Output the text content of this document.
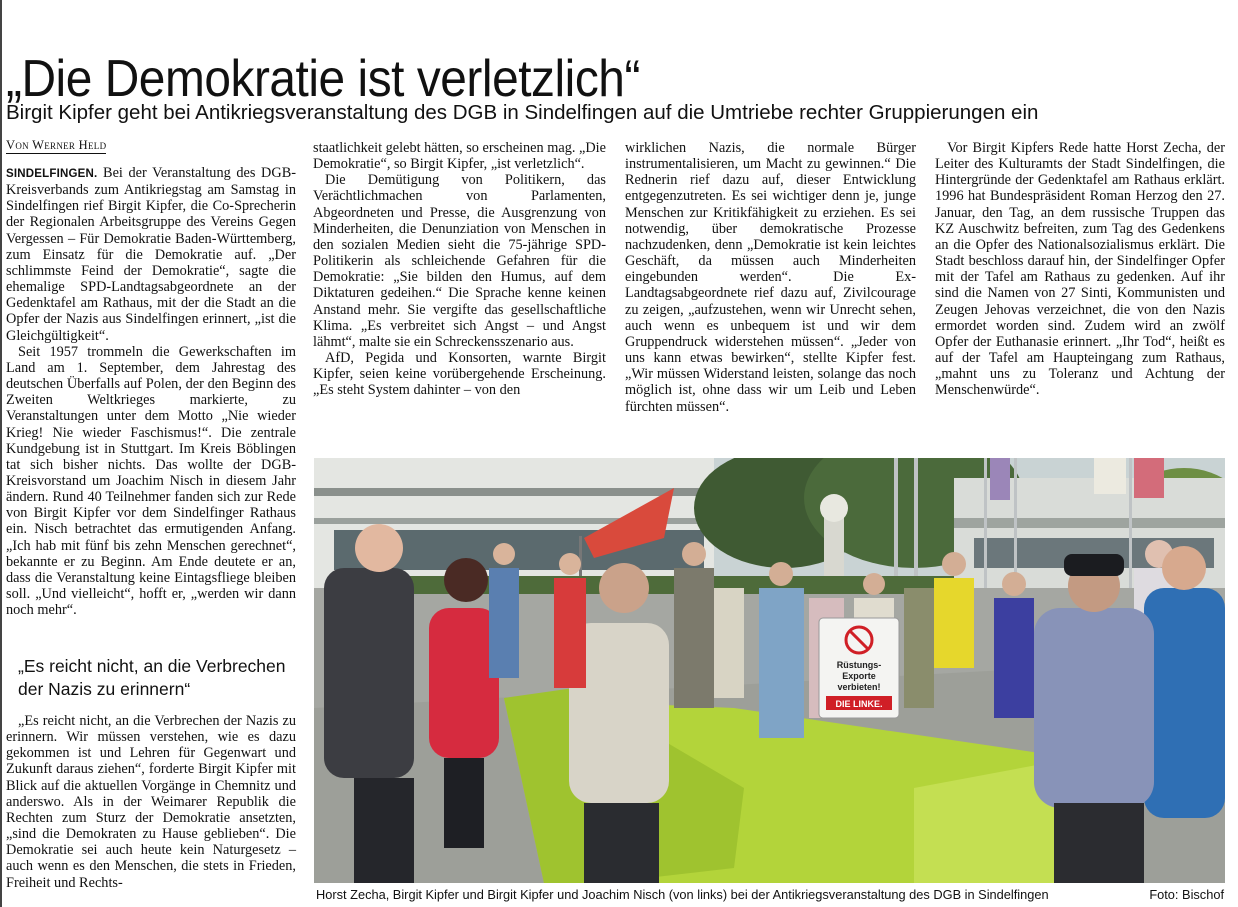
„Die Demokratie ist verletzlich“
Birgit Kipfer geht bei Antikriegsveranstaltung des DGB in Sindelfingen auf die Umtriebe rechter Gruppierungen ein
Von Werner Held

SINDELFINGEN. Bei der Veranstaltung des DGB-Kreisverbands zum Antikriegstag am Samstag in Sindelfingen rief Birgit Kipfer, die Co-Sprecherin der Regionalen Arbeitsgruppe des Vereins Gegen Vergessen – Für Demokratie Baden-Württemberg, zum Einsatz für die Demokratie auf. „Der schlimmste Feind der Demokratie“, sagte die ehemalige SPD-Landtagsabgeordnete an der Gedenktafel am Rathaus, mit der die Stadt an die Opfer der Nazis aus Sindelfingen erinnert, „ist die Gleichgültigkeit“.

Seit 1957 trommeln die Gewerkschaften im Land am 1. September, dem Jahrestag des deutschen Überfalls auf Polen, der den Beginn des Zweiten Weltkrieges markierte, zu Veranstaltungen unter dem Motto „Nie wieder Krieg! Nie wieder Faschismus!“. Die zentrale Kundgebung ist in Stuttgart. Im Kreis Böblingen tat sich bisher nichts. Das wollte der DGB-Kreisvorstand um Joachim Nisch in diesem Jahr ändern. Rund 40 Teilnehmer fanden sich zur Rede von Birgit Kipfer vor dem Sindelfinger Rathaus ein. Nisch betrachtet das ermutigenden Anfang. „Ich hab mit fünf bis zehn Menschen gerechnet“, bekannte er zu Beginn. Am Ende deutete er an, dass die Veranstaltung keine Eintagsfliege bleiben soll. „Und vielleicht“, hofft er, „werden wir dann noch mehr“.

„Es reicht nicht, an die Verbrechen der Nazis zu erinnern“

„Es reicht nicht, an die Verbrechen der Nazis zu erinnern. Wir müssen verstehen, wie es dazu gekommen ist und Lehren für Gegenwart und Zukunft daraus ziehen“, forderte Birgit Kipfer mit Blick auf die aktuellen Vorgänge in Chemnitz und anderswo. Als in der Weimarer Republik die Rechten zum Sturz der Demokratie ansetzten, „sind die Demokraten zu Hause geblieben“. Die Demokratie sei auch heute kein Naturgesetz – auch wenn es den Menschen, die stets in Frieden, Freiheit und Rechts-

staatlichkeit gelebt hätten, so erscheinen mag. „Die Demokratie“, so Birgit Kipfer, „ist verletzlich“.

Die Demütigung von Politikern, das Verächtlichmachen von Parlamenten, Abgeordneten und Presse, die Ausgrenzung von Minderheiten, die Denunziation von Menschen in den sozialen Medien sieht die 75-jährige SPD-Politikerin als schleichende Gefahren für die Demokratie: „Sie bilden den Humus, auf dem Diktaturen gedeihen.“ Die Sprache kenne keinen Anstand mehr. Sie vergifte das gesellschaftliche Klima. „Es verbreitet sich Angst – und Angst lähmt“, malte sie ein Schreckensszenario aus.

AfD, Pegida und Konsorten, warnte Birgit Kipfer, seien keine vorübergehende Erscheinung. „Es steht System dahinter – von den

wirklichen Nazis, die normale Bürger instrumentalisieren, um Macht zu gewinnen.“ Die Rednerin rief dazu auf, dieser Entwicklung entgegenzutreten. Es sei wichtiger denn je, junge Menschen zur Kritikfähigkeit zu erziehen. Es sei notwendig, über demokratische Prozesse nachzudenken, denn „Demokratie ist kein leichtes Geschäft, da müssen auch Minderheiten eingebunden werden“. Die Ex-Landtagsabgeordnete rief dazu auf, Zivilcourage zu zeigen, „aufzustehen, wenn wir Unrecht sehen, auch wenn es unbequem ist und wir dem Gruppendruck widerstehen müssen“. „Jeder von uns kann etwas bewirken“, stellte Kipfer fest. „Wir müssen Widerstand leisten, solange das noch möglich ist, ohne dass wir um Leib und Leben fürchten müssen“.

Vor Birgit Kipfers Rede hatte Horst Zecha, der Leiter des Kulturamts der Stadt Sindelfingen, die Hintergründe der Gedenktafel am Rathaus erklärt. 1996 hat Bundespräsident Roman Herzog den 27. Januar, den Tag, an dem russische Truppen das KZ Auschwitz befreiten, zum Tag des Gedenkens an die Opfer des Nationalsozialismus erklärt. Die Stadt beschloss darauf hin, der Sindelfinger Opfer mit der Tafel am Rathaus zu gedenken. Auf ihr sind die Namen von 27 Sinti, Kommunisten und Zeugen Jehovas verzeichnet, die von den Nazis ermordet worden sind. Zudem wird an zwölf Opfer der Euthanasie erinnert. „Ihr Tod“, heißt es auf der Tafel am Haupteingang zum Rathaus, „mahnt uns zu Toleranz und Achtung der Menschenwürde“.

Rüstungs-
Exporte
verbieten!
DIE LINKE.
Horst Zecha, Birgit Kipfer und Birgit Kipfer und Joachim Nisch (von links) bei der Antikriegsveranstaltung des DGB in Sindelfingen	Foto: Bischof
